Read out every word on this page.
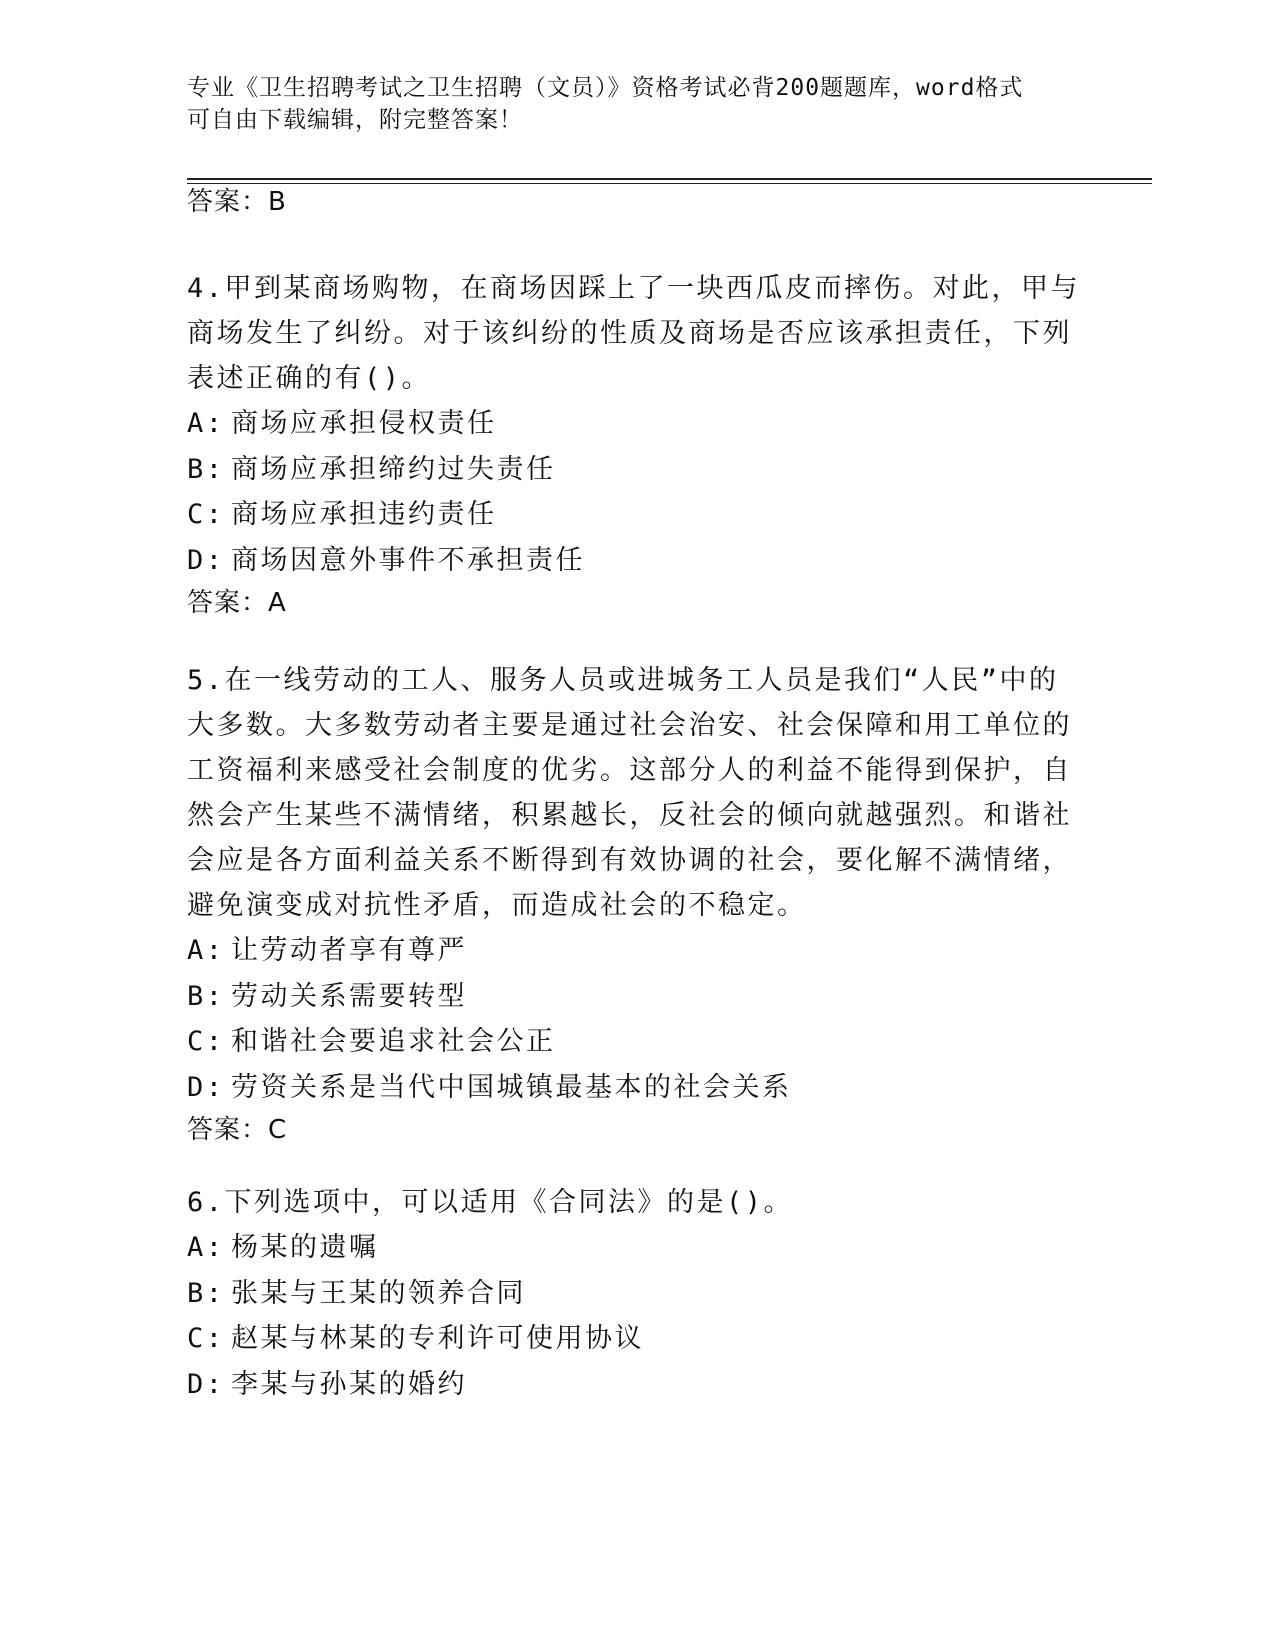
专业《卫生招聘考试之卫生招聘（文员）》资格考试必背200题题库，word格式
可自由下载编辑，附完整答案！
答案：B
4.甲到某商场购物，在商场因踩上了一块西瓜皮而摔伤。对此，甲与
商场发生了纠纷。对于该纠纷的性质及商场是否应该承担责任，下列
表述正确的有()。
A: 商场应承担侵权责任
B: 商场应承担缔约过失责任
C: 商场应承担违约责任
D: 商场因意外事件不承担责任
答案：A
5.在一线劳动的工人、服务人员或进城务工人员是我们“人民”中的
大多数。大多数劳动者主要是通过社会治安、社会保障和用工单位的
工资福利来感受社会制度的优劣。这部分人的利益不能得到保护，自
然会产生某些不满情绪，积累越长，反社会的倾向就越强烈。和谐社
会应是各方面利益关系不断得到有效协调的社会，要化解不满情绪，
避免演变成对抗性矛盾，而造成社会的不稳定。
A: 让劳动者享有尊严
B: 劳动关系需要转型
C: 和谐社会要追求社会公正
D: 劳资关系是当代中国城镇最基本的社会关系
答案：C
6.下列选项中，可以适用《合同法》的是()。
A: 杨某的遗嘱
B: 张某与王某的领养合同
C: 赵某与林某的专利许可使用协议
D: 李某与孙某的婚约
